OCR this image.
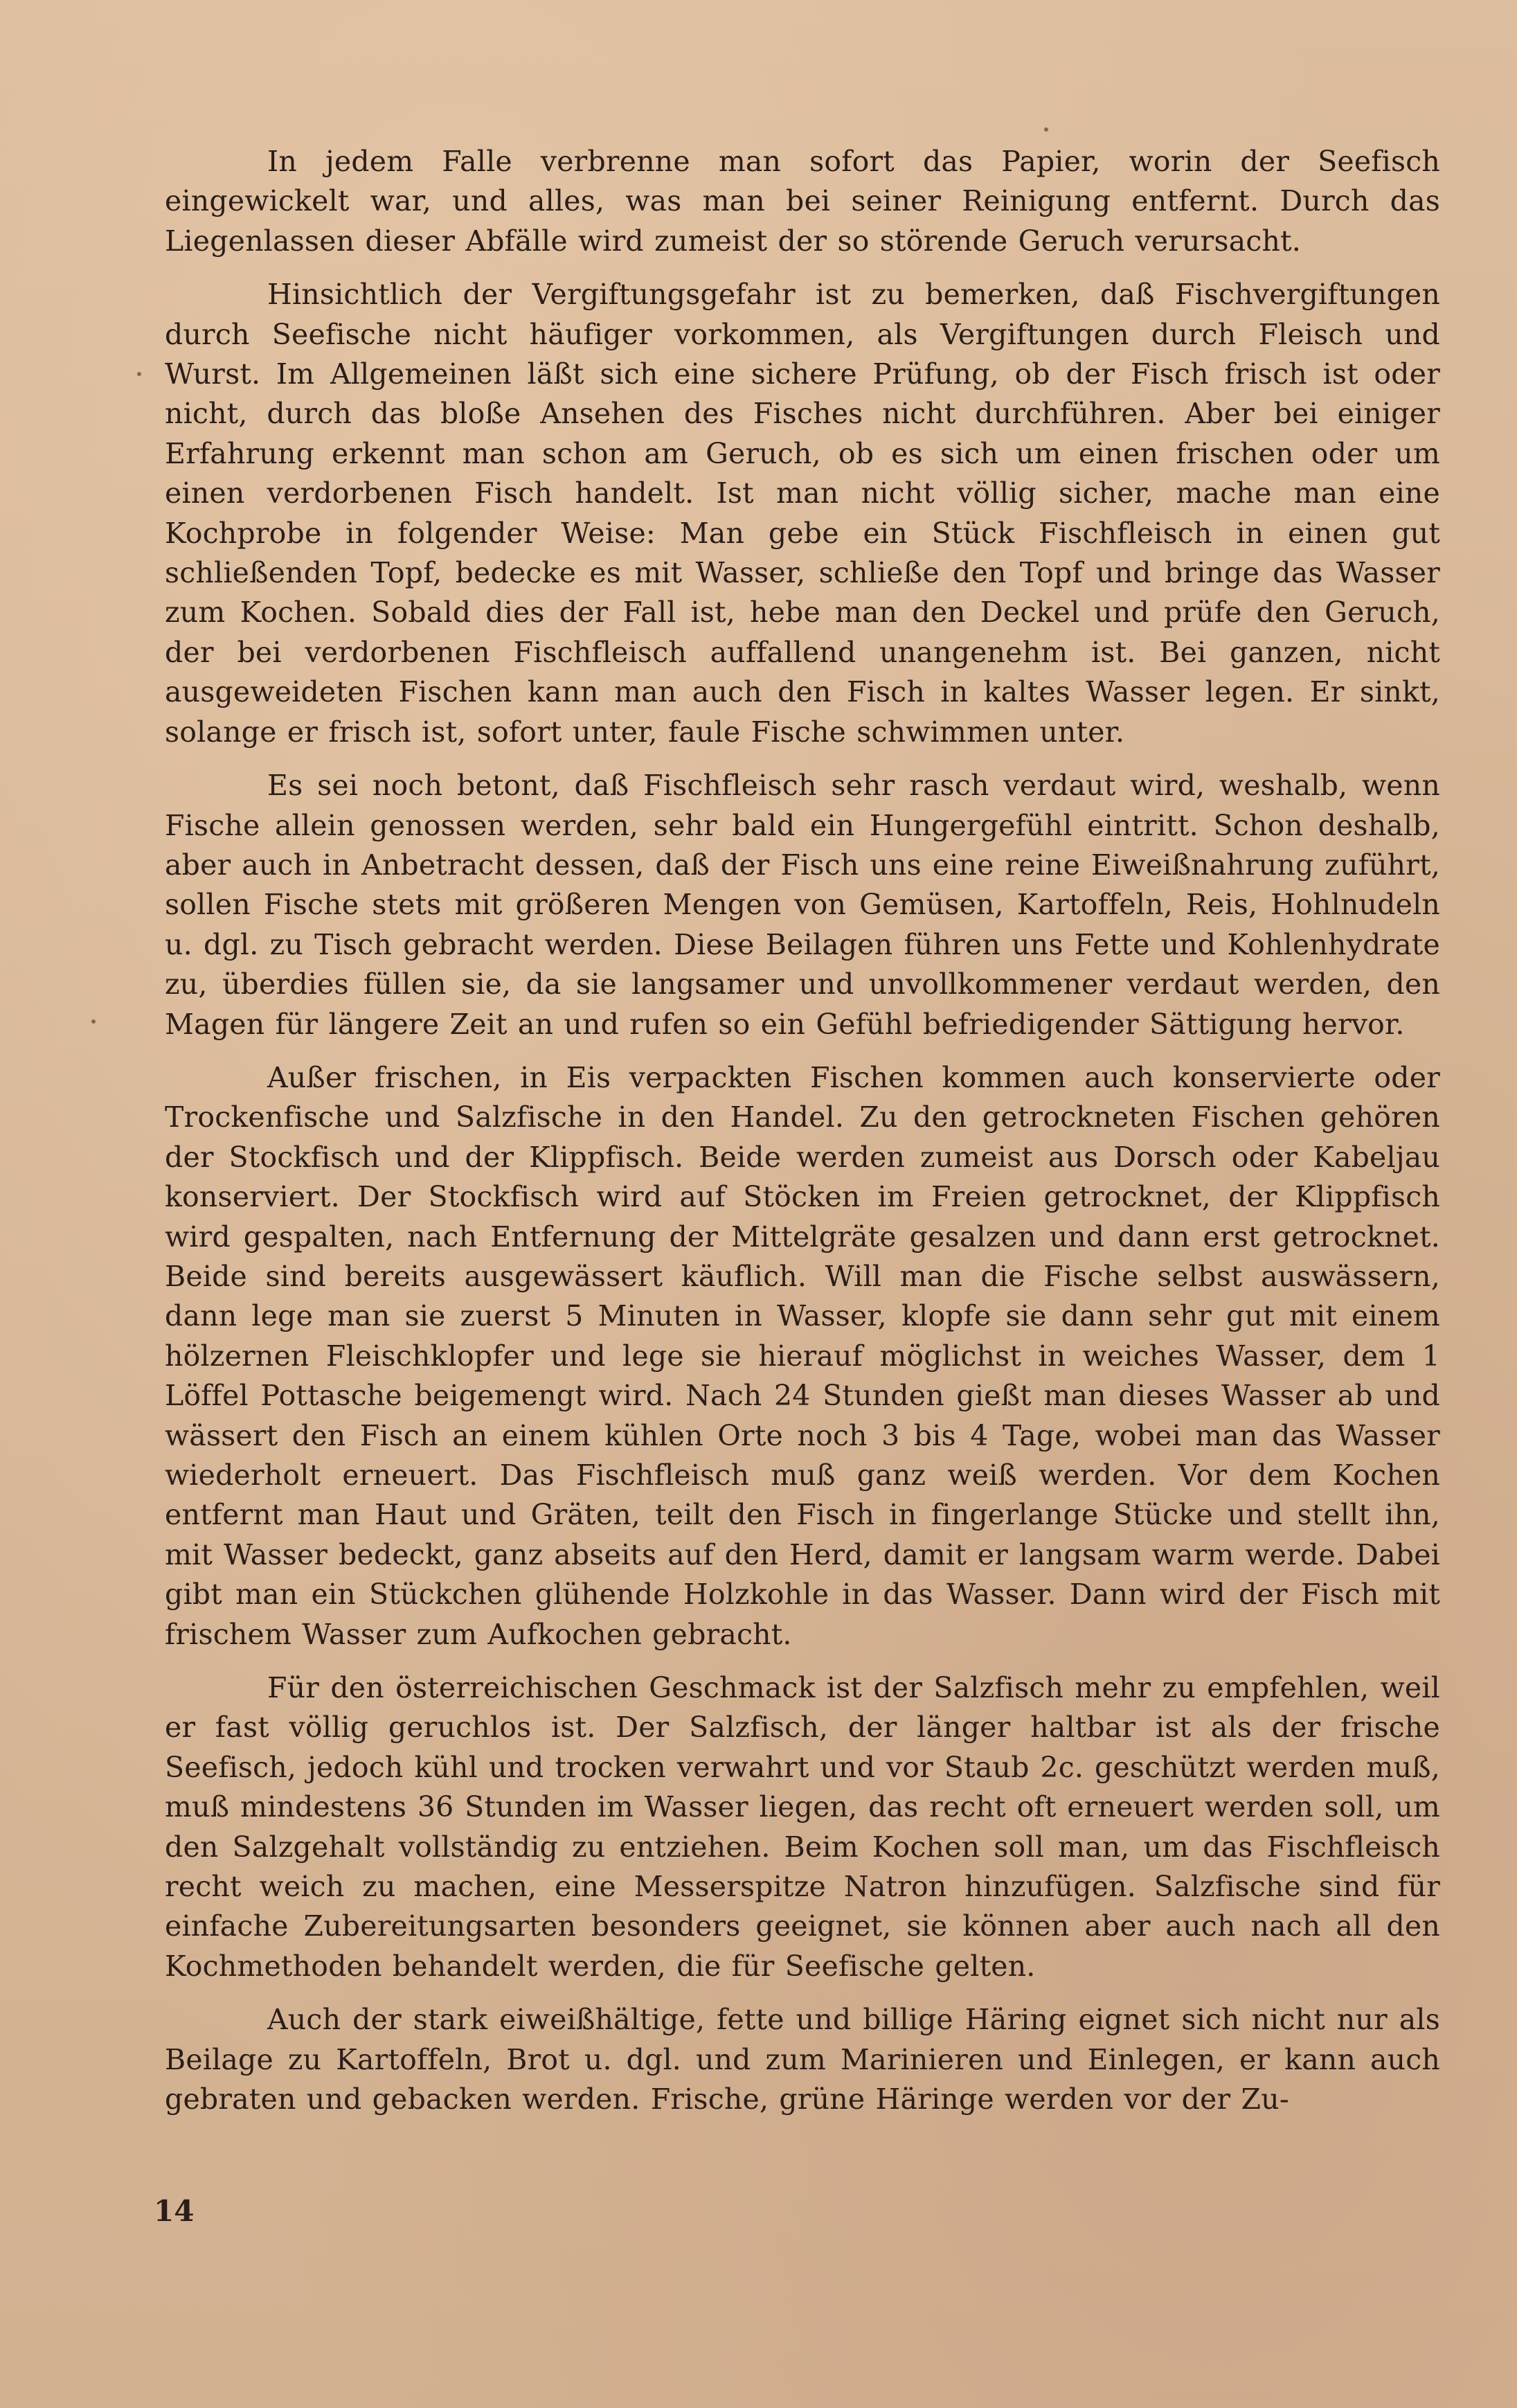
In jedem Falle verbrenne man sofort das Papier, worin der Seefisch eingewickelt war, und alles, was man bei seiner Reinigung entfernt. Durch das Liegenlassen dieser Abfälle wird zumeist der so störende Geruch verursacht.

Hinsichtlich der Vergiftungsgefahr ist zu bemerken, daß Fischvergiftungen durch Seefische nicht häufiger vorkommen, als Vergiftungen durch Fleisch und Wurst. Im Allgemeinen läßt sich eine sichere Prüfung, ob der Fisch frisch ist oder nicht, durch das bloße Ansehen des Fisches nicht durchführen. Aber bei einiger Erfahrung erkennt man schon am Geruch, ob es sich um einen frischen oder um einen verdorbenen Fisch handelt. Ist man nicht völlig sicher, mache man eine Kochprobe in folgender Weise: Man gebe ein Stück Fischfleisch in einen gut schließenden Topf, bedecke es mit Wasser, schließe den Topf und bringe das Wasser zum Kochen. Sobald dies der Fall ist, hebe man den Deckel und prüfe den Geruch, der bei verdorbenen Fischfleisch auffallend unangenehm ist. Bei ganzen, nicht ausgeweideten Fischen kann man auch den Fisch in kaltes Wasser legen. Er sinkt, solange er frisch ist, sofort unter, faule Fische schwimmen unter.

Es sei noch betont, daß Fischfleisch sehr rasch verdaut wird, weshalb, wenn Fische allein genossen werden, sehr bald ein Hungergefühl eintritt. Schon deshalb, aber auch in Anbetracht dessen, daß der Fisch uns eine reine Eiweißnahrung zuführt, sollen Fische stets mit größeren Mengen von Gemüsen, Kartoffeln, Reis, Hohlnudeln u. dgl. zu Tisch gebracht werden. Diese Beilagen führen uns Fette und Kohlenhydrate zu, überdies füllen sie, da sie langsamer und unvollkommener verdaut werden, den Magen für längere Zeit an und rufen so ein Gefühl befriedigender Sättigung hervor.

Außer frischen, in Eis verpackten Fischen kommen auch konservierte oder Trockenfische und Salzfische in den Handel. Zu den getrockneten Fischen gehören der Stockfisch und der Klippfisch. Beide werden zumeist aus Dorsch oder Kabeljau konserviert. Der Stockfisch wird auf Stöcken im Freien getrocknet, der Klippfisch wird gespalten, nach Entfernung der Mittelgräte gesalzen und dann erst getrocknet. Beide sind bereits ausgewässert käuflich. Will man die Fische selbst auswässern, dann lege man sie zuerst 5 Minuten in Wasser, klopfe sie dann sehr gut mit einem hölzernen Fleischklopfer und lege sie hierauf möglichst in weiches Wasser, dem 1 Löffel Pottasche beigemengt wird. Nach 24 Stunden gießt man dieses Wasser ab und wässert den Fisch an einem kühlen Orte noch 3 bis 4 Tage, wobei man das Wasser wiederholt erneuert. Das Fischfleisch muß ganz weiß werden. Vor dem Kochen entfernt man Haut und Gräten, teilt den Fisch in fingerlange Stücke und stellt ihn, mit Wasser bedeckt, ganz abseits auf den Herd, damit er langsam warm werde. Dabei gibt man ein Stückchen glühende Holzkohle in das Wasser. Dann wird der Fisch mit frischem Wasser zum Aufkochen gebracht.

Für den österreichischen Geschmack ist der Salzfisch mehr zu empfehlen, weil er fast völlig geruchlos ist. Der Salzfisch, der länger haltbar ist als der frische Seefisch, jedoch kühl und trocken verwahrt und vor Staub 2c. geschützt werden muß, muß mindestens 36 Stunden im Wasser liegen, das recht oft erneuert werden soll, um den Salzgehalt vollständig zu entziehen. Beim Kochen soll man, um das Fischfleisch recht weich zu machen, eine Messerspitze Natron hinzufügen. Salzfische sind für einfache Zubereitungsarten besonders geeignet, sie können aber auch nach all den Kochmethoden behandelt werden, die für Seefische gelten.

Auch der stark eiweißhältige, fette und billige Häring eignet sich nicht nur als Beilage zu Kartoffeln, Brot u. dgl. und zum Marinieren und Einlegen, er kann auch gebraten und gebacken werden. Frische, grüne Häringe werden vor der Zu-

14
